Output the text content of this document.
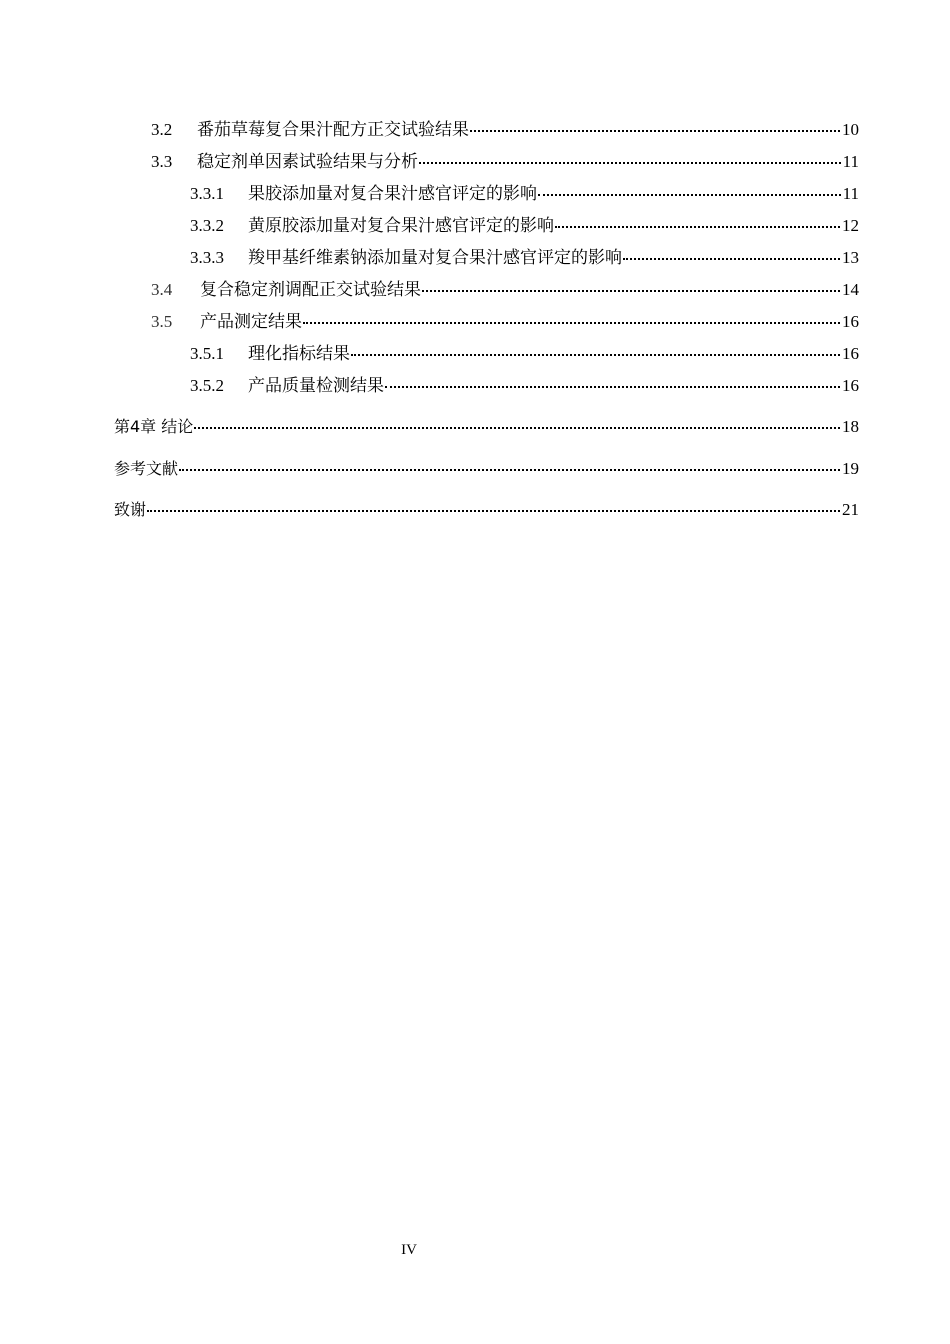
3.2	番茄草莓复合果汁配方正交试验结果	10
3.3	稳定剂单因素试验结果与分析	11
3.3.1	果胶添加量对复合果汁感官评定的影响	11
3.3.2	黄原胶添加量对复合果汁感官评定的影响	12
3.3.3	羧甲基纤维素钠添加量对复合果汁感官评定的影响	13
3.4	复合稳定剂调配正交试验结果	14
3.5	产品测定结果	16
3.5.1	理化指标结果	16
3.5.2	产品质量检测结果	16
第4章 结论	18
参考文献	19
致谢	21
IV
